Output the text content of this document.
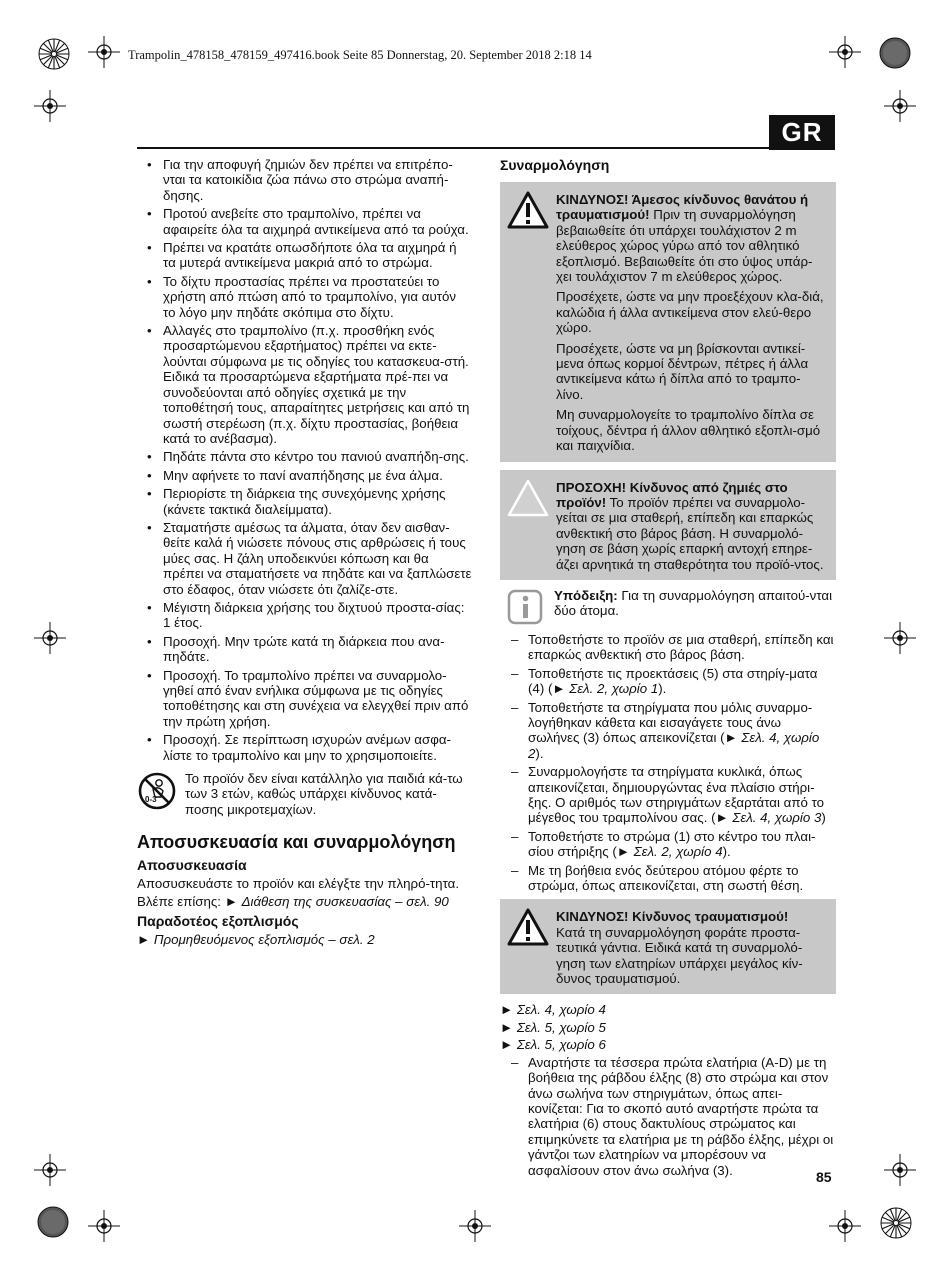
Trampolin_478158_478159_497416.book Seite 85 Donnerstag, 20. September 2018 2:18 14
GR
• Για την αποφυγή ζημιών δεν πρέπει να επιτρέπο-νται τα κατοικίδια ζώα πάνω στο στρώμα αναπή-δησης.
• Προτού ανεβείτε στο τραμπολίνο, πρέπει να αφαιρείτε όλα τα αιχμηρά αντικείμενα από τα ρούχα.
• Πρέπει να κρατάτε οπωσδήποτε όλα τα αιχμηρά ή τα μυτερά αντικείμενα μακριά από το στρώμα.
• Το δίχτυ προστασίας πρέπει να προστατεύει το χρήστη από πτώση από το τραμπολίνο, για αυτόν το λόγο μην πηδάτε σκόπιμα στο δίχτυ.
• Αλλαγές στο τραμπολίνο (π.χ. προσθήκη ενός προσαρτώμενου εξαρτήματος) πρέπει να εκτε-λούνται σύμφωνα με τις οδηγίες του κατασκευα-στή. Ειδικά τα προσαρτώμενα εξαρτήματα πρέ-πει να συνοδεύονται από οδηγίες σχετικά με την τοποθέτησή τους, απαραίτητες μετρήσεις και από τη σωστή στερέωση (π.χ. δίχτυ προστασίας, βοήθεια κατά το ανέβασμα).
• Πηδάτε πάντα στο κέντρο του πανιού αναπήδη-σης.
• Μην αφήνετε το πανί αναπήδησης με ένα άλμα.
• Περιορίστε τη διάρκεια της συνεχόμενης χρήσης (κάνετε τακτικά διαλείμματα).
• Σταματήστε αμέσως τα άλματα, όταν δεν αισθαν-θείτε καλά ή νιώσετε πόνους στις αρθρώσεις ή τους μύες σας. Η ζάλη υποδεικνύει κόπωση και θα πρέπει να σταματήσετε να πηδάτε και να ξαπλώσετε στο έδαφος, όταν νιώσετε ότι ζαλίζε-στε.
• Μέγιστη διάρκεια χρήσης του διχτυού προστα-σίας: 1 έτος.
• Προσοχή. Μην τρώτε κατά τη διάρκεια που ανα-πηδάτε.
• Προσοχή. Το τραμπολίνο πρέπει να συναρμολο-γηθεί από έναν ενήλικα σύμφωνα με τις οδηγίες τοποθέτησης και στη συνέχεια να ελεγχθεί πριν από την πρώτη χρήση.
• Προσοχή. Σε περίπτωση ισχυρών ανέμων ασφα-λίστε το τραμπολίνο και μην το χρησιμοποιείτε.
0-3

Το προϊόν δεν είναι κατάλληλο για παιδιά κά-τω των 3 ετών, καθώς υπάρχει κίνδυνος κατά-ποσης μικροτεμαχίων.

Αποσυσκευασία και συναρμολόγηση
Αποσυσκευασία

Αποσυσκευάστε το προϊόν και ελέγξτε την πληρό-τητα.

Βλέπε επίσης: ► Διάθεση της συσκευασίας – σελ. 90

Παραδοτέος εξοπλισμός

► Προμηθευόμενος εξοπλισμός – σελ. 2

Συναρμολόγηση

ΚΙΝΔΥΝΟΣ! Άμεσος κίνδυνος θανάτου ή τραυματισμού! Πριν τη συναρμολόγηση βεβαιωθείτε ότι υπάρχει τουλάχιστον 2 m ελεύθερος χώρος γύρω από τον αθλητικό εξοπλισμό. Βεβαιωθείτε ότι στο ύψος υπάρ-χει τουλάχιστον 7 m ελεύθερος χώρος.

Προσέχετε, ώστε να μην προεξέχουν κλα-διά, καλώδια ή άλλα αντικείμενα στον ελεύ-θερο χώρο.

Προσέχετε, ώστε να μη βρίσκονται αντικεί-μενα όπως κορμοί δέντρων, πέτρες ή άλλα αντικείμενα κάτω ή δίπλα από το τραμπο-λίνο.

Μη συναρμολογείτε το τραμπολίνο δίπλα σε τοίχους, δέντρα ή άλλον αθλητικό εξοπλι-σμό και παιχνίδια.

ΠΡΟΣΟΧΗ! Κίνδυνος από ζημιές στο προϊόν! Το προϊόν πρέπει να συναρμολο-γείται σε μια σταθερή, επίπεδη και επαρκώς ανθεκτική στο βάρος βάση. Η συναρμολό-γηση σε βάση χωρίς επαρκή αντοχή επηρε-άζει αρνητικά τη σταθερότητα του προϊό-ντος.

Υπόδειξη: Για τη συναρμολόγηση απαιτού-νται δύο άτομα.

– Τοποθετήστε το προϊόν σε μια σταθερή, επίπεδη και επαρκώς ανθεκτική στο βάρος βάση.
– Τοποθετήστε τις προεκτάσεις (5) στα στηρίγ-ματα (4) (► Σελ. 2, χωρίο 1).
– Τοποθετήστε τα στηρίγματα που μόλις συναρμο-λογήθηκαν κάθετα και εισαγάγετε τους άνω σωλήνες (3) όπως απεικονίζεται (► Σελ. 4, χωρίο 2).
– Συναρμολογήστε τα στηρίγματα κυκλικά, όπως απεικονίζεται, δημιουργώντας ένα πλαίσιο στήρι-ξης. Ο αριθμός των στηριγμάτων εξαρτάται από το μέγεθος του τραμπολίνου σας. (► Σελ. 4, χωρίο 3)
– Τοποθετήστε το στρώμα (1) στο κέντρο του πλαι-σίου στήριξης (► Σελ. 2, χωρίο 4).
– Με τη βοήθεια ενός δεύτερου ατόμου φέρτε το στρώμα, όπως απεικονίζεται, στη σωστή θέση.

ΚΙΝΔΥΝΟΣ! Κίνδυνος τραυματισμού!

Κατά τη συναρμολόγηση φοράτε προστα-τευτικά γάντια. Ειδικά κατά τη συναρμολό-γηση των ελατηρίων υπάρχει μεγάλος κίν-δυνος τραυματισμού.

► Σελ. 4, χωρίο 4

► Σελ. 5, χωρίο 5

► Σελ. 5, χωρίο 6

– Αναρτήστε τα τέσσερα πρώτα ελατήρια (A-D) με τη βοήθεια της ράβδου έλξης (8) στο στρώμα και στον άνω σωλήνα των στηριγμάτων, όπως απει-κονίζεται: Για το σκοπό αυτό αναρτήστε πρώτα τα ελατήρια (6) στους δακτυλίους στρώματος και επιμηκύνετε τα ελατήρια με τη ράβδο έλξης, μέχρι οι γάντζοι των ελατηρίων να μπορέσουν να ασφαλίσουν στον άνω σωλήνα (3).	85
